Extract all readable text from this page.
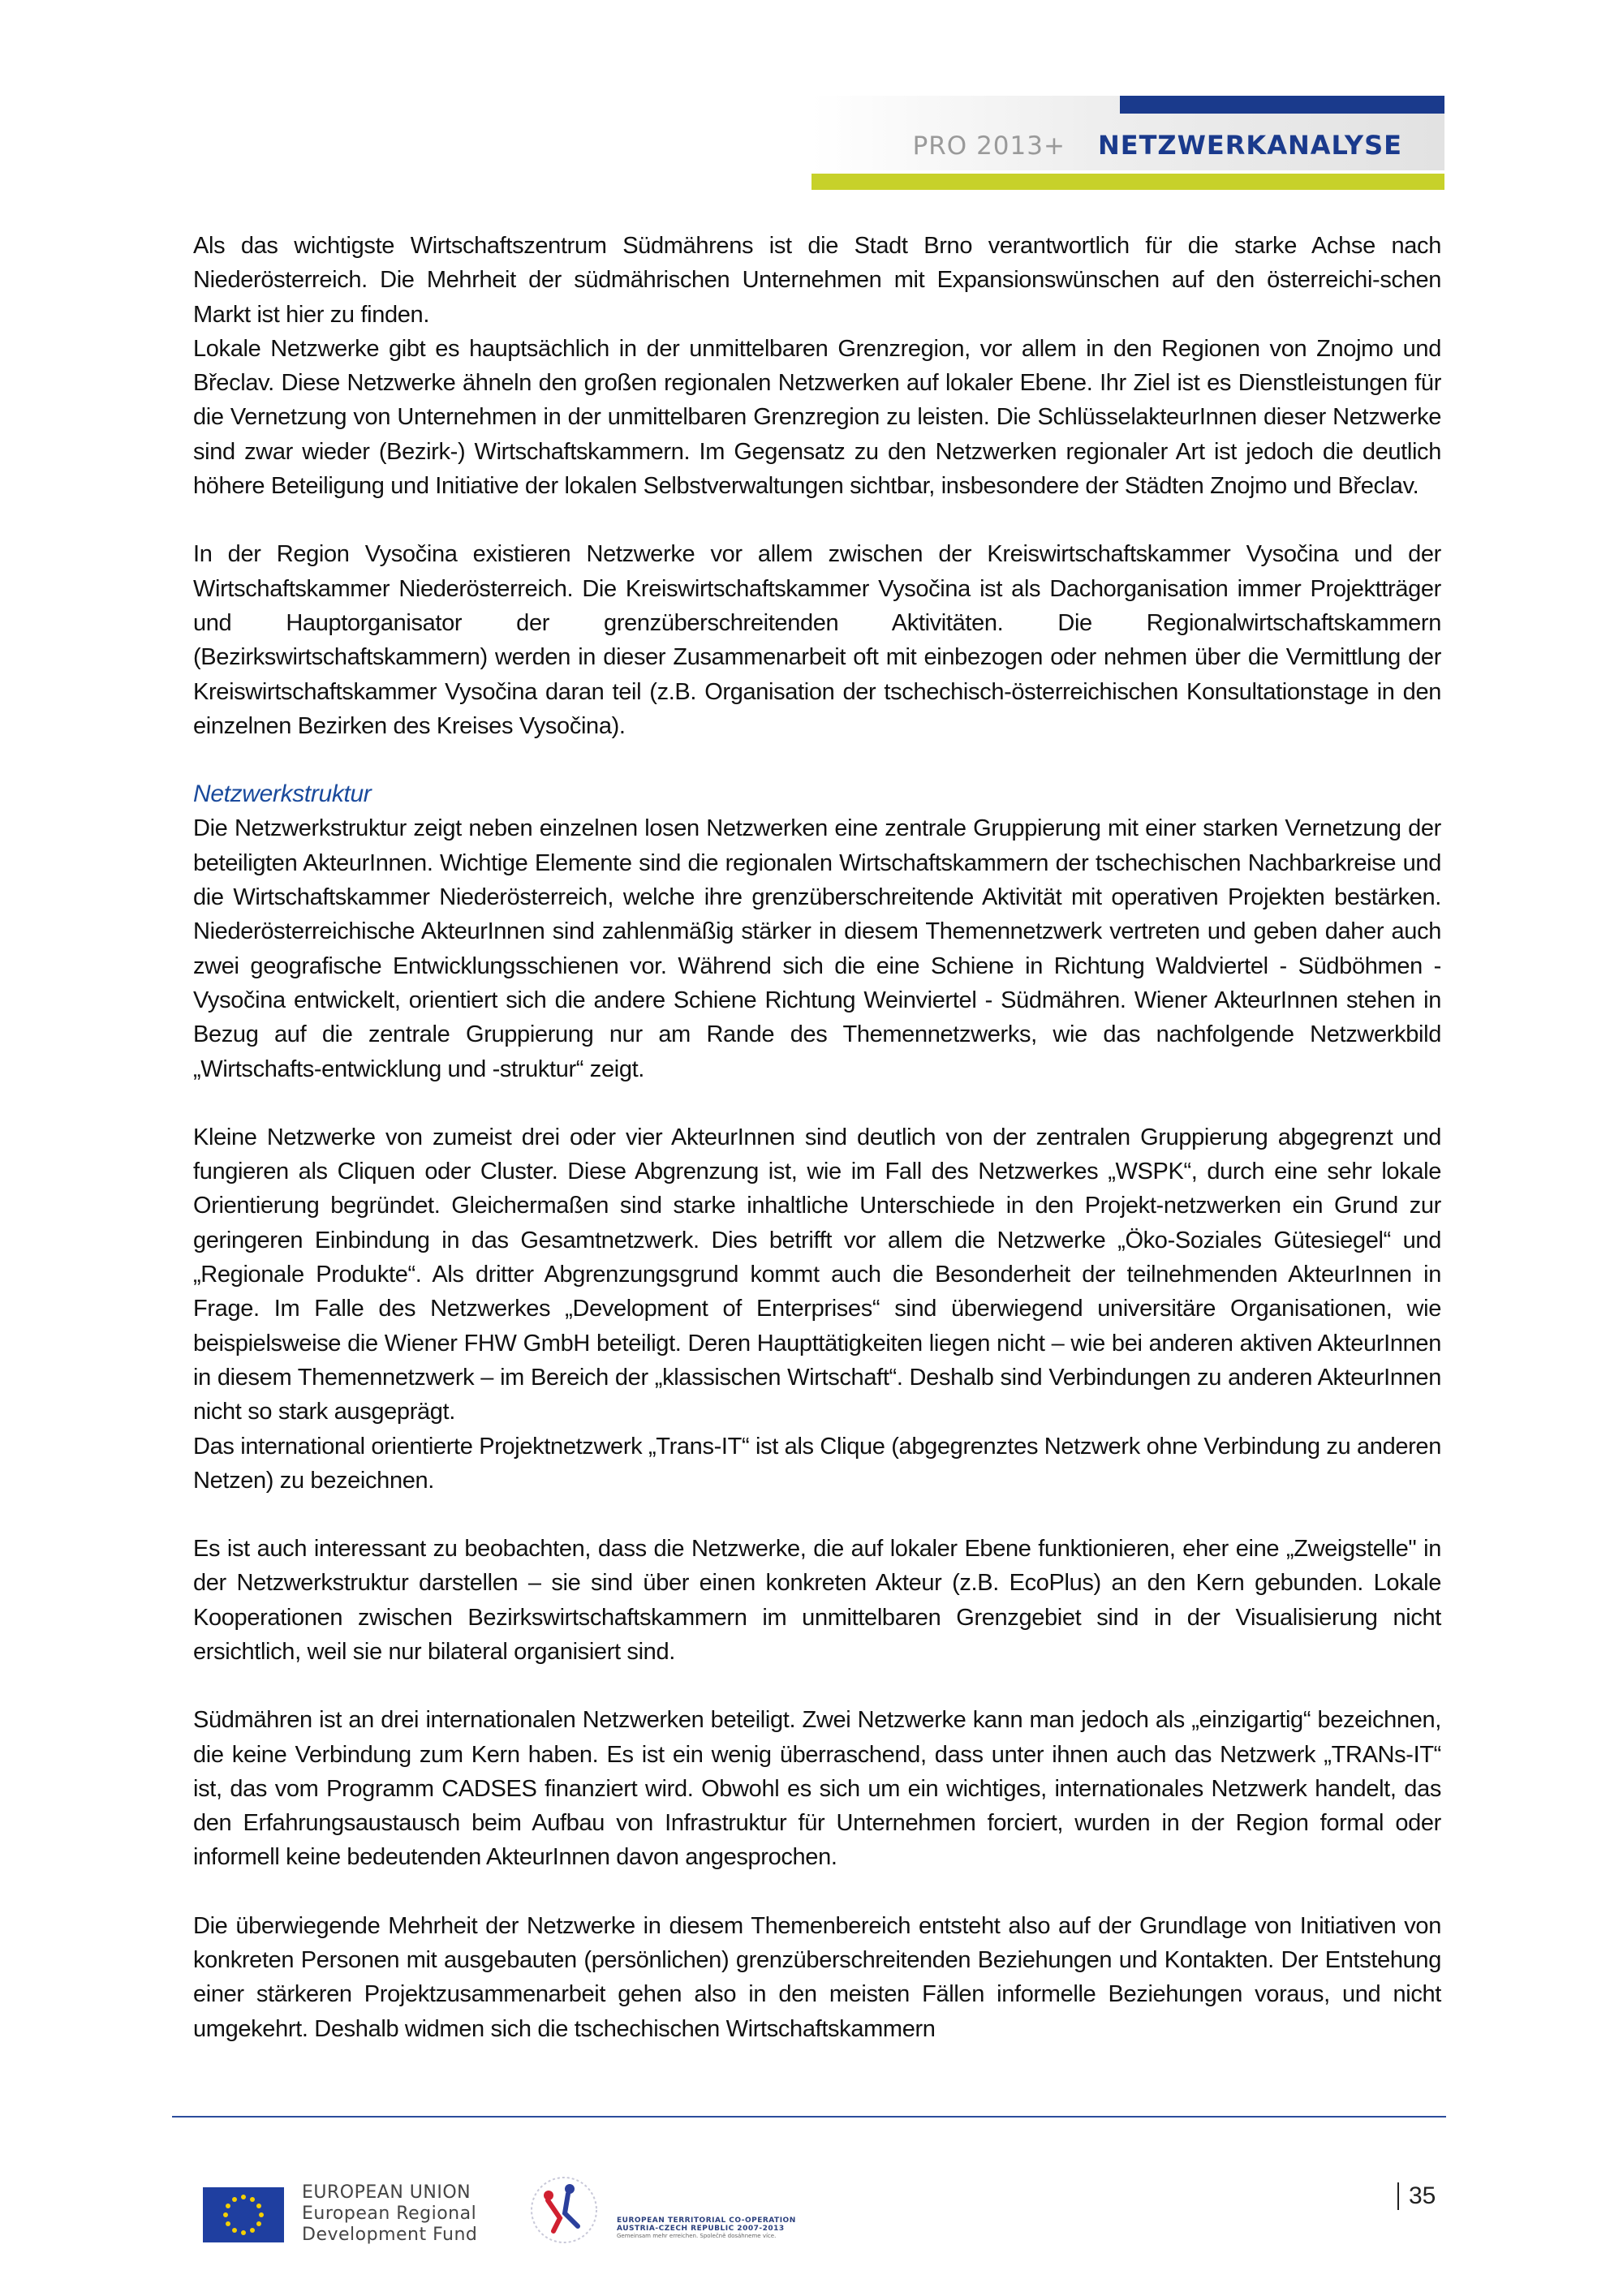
PRO 2013+ NETZWERKANALYSE

Als das wichtigste Wirtschaftszentrum Südmährens ist die Stadt Brno verantwortlich für die starke Achse nach Niederösterreich. Die Mehrheit der südmährischen Unternehmen mit Expansionswünschen auf den österreichi-schen Markt ist hier zu finden.

Lokale Netzwerke gibt es hauptsächlich in der unmittelbaren Grenzregion, vor allem in den Regionen von Znojmo und Břeclav. Diese Netzwerke ähneln den großen regionalen Netzwerken auf lokaler Ebene. Ihr Ziel ist es Dienstleistungen für die Vernetzung von Unternehmen in der unmittelbaren Grenzregion zu leisten. Die SchlüsselakteurInnen dieser Netzwerke sind zwar wieder (Bezirk-) Wirtschaftskammern. Im Gegensatz zu den Netzwerken regionaler Art ist jedoch die deutlich höhere Beteiligung und Initiative der lokalen Selbstverwaltungen sichtbar, insbesondere der Städten Znojmo und Břeclav.

In der Region Vysočina existieren Netzwerke vor allem zwischen der Kreiswirtschaftskammer Vysočina und der Wirtschaftskammer Niederösterreich. Die Kreiswirtschaftskammer Vysočina ist als Dachorganisation immer Projektträger und Hauptorganisator der grenzüberschreitenden Aktivitäten. Die Regionalwirtschaftskammern (Bezirkswirtschaftskammern) werden in dieser Zusammenarbeit oft mit einbezogen oder nehmen über die Vermittlung der Kreiswirtschaftskammer Vysočina daran teil (z.B. Organisation der tschechisch-österreichischen Konsultationstage in den einzelnen Bezirken des Kreises Vysočina).

Netzwerkstruktur

Die Netzwerkstruktur zeigt neben einzelnen losen Netzwerken eine zentrale Gruppierung mit einer starken Vernetzung der beteiligten AkteurInnen. Wichtige Elemente sind die regionalen Wirtschaftskammern der tschechischen Nachbarkreise und die Wirtschaftskammer Niederösterreich, welche ihre grenzüberschreitende Aktivität mit operativen Projekten bestärken. Niederösterreichische AkteurInnen sind zahlenmäßig stärker in diesem Themennetzwerk vertreten und geben daher auch zwei geografische Entwicklungsschienen vor. Während sich die eine Schiene in Richtung Waldviertel - Südböhmen - Vysočina entwickelt, orientiert sich die andere Schiene Richtung Weinviertel - Südmähren. Wiener AkteurInnen stehen in Bezug auf die zentrale Gruppierung nur am Rande des Themennetzwerks, wie das nachfolgende Netzwerkbild „Wirtschafts-entwicklung und -struktur“ zeigt.

Kleine Netzwerke von zumeist drei oder vier AkteurInnen sind deutlich von der zentralen Gruppierung abgegrenzt und fungieren als Cliquen oder Cluster. Diese Abgrenzung ist, wie im Fall des Netzwerkes „WSPK“, durch eine sehr lokale Orientierung begründet. Gleichermaßen sind starke inhaltliche Unterschiede in den Projekt-netzwerken ein Grund zur geringeren Einbindung in das Gesamtnetzwerk. Dies betrifft vor allem die Netzwerke „Öko-Soziales Gütesiegel“ und „Regionale Produkte“. Als dritter Abgrenzungsgrund kommt auch die Besonderheit der teilnehmenden AkteurInnen in Frage. Im Falle des Netzwerkes „Development of Enterprises“ sind überwiegend universitäre Organisationen, wie beispielsweise die Wiener FHW GmbH beteiligt. Deren Haupttätigkeiten liegen nicht – wie bei anderen aktiven AkteurInnen in diesem Themennetzwerk – im Bereich der „klassischen Wirtschaft“. Deshalb sind Verbindungen zu anderen AkteurInnen nicht so stark ausgeprägt.

Das international orientierte Projektnetzwerk „Trans-IT“ ist als Clique (abgegrenztes Netzwerk ohne Verbindung zu anderen Netzen) zu bezeichnen.

Es ist auch interessant zu beobachten, dass die Netzwerke, die auf lokaler Ebene funktionieren, eher eine „Zweigstelle" in der Netzwerkstruktur darstellen – sie sind über einen konkreten Akteur (z.B. EcoPlus) an den Kern gebunden. Lokale Kooperationen zwischen Bezirkswirtschaftskammern im unmittelbaren Grenzgebiet sind in der Visualisierung nicht ersichtlich, weil sie nur bilateral organisiert sind.

Südmähren ist an drei internationalen Netzwerken beteiligt. Zwei Netzwerke kann man jedoch als „einzigartig“ bezeichnen, die keine Verbindung zum Kern haben. Es ist ein wenig überraschend, dass unter ihnen auch das Netzwerk „TRANs-IT“ ist, das vom Programm CADSES finanziert wird. Obwohl es sich um ein wichtiges, internationales Netzwerk handelt, das den Erfahrungsaustausch beim Aufbau von Infrastruktur für Unternehmen forciert, wurden in der Region formal oder informell keine bedeutenden AkteurInnen davon angesprochen.

Die überwiegende Mehrheit der Netzwerke in diesem Themenbereich entsteht also auf der Grundlage von Initiativen von konkreten Personen mit ausgebauten (persönlichen) grenzüberschreitenden Beziehungen und Kontakten. Der Entstehung einer stärkeren Projektzusammenarbeit gehen also in den meisten Fällen informelle Beziehungen voraus, und nicht umgekehrt. Deshalb widmen sich die tschechischen Wirtschaftskammern

EUROPEAN UNION
European Regional
Development Fund
EUROPEAN TERRITORIAL CO-OPERATION
AUSTRIA-CZECH REPUBLIC 2007-2013
Gemeinsam mehr erreichen. Společně dosáhneme více.
35
